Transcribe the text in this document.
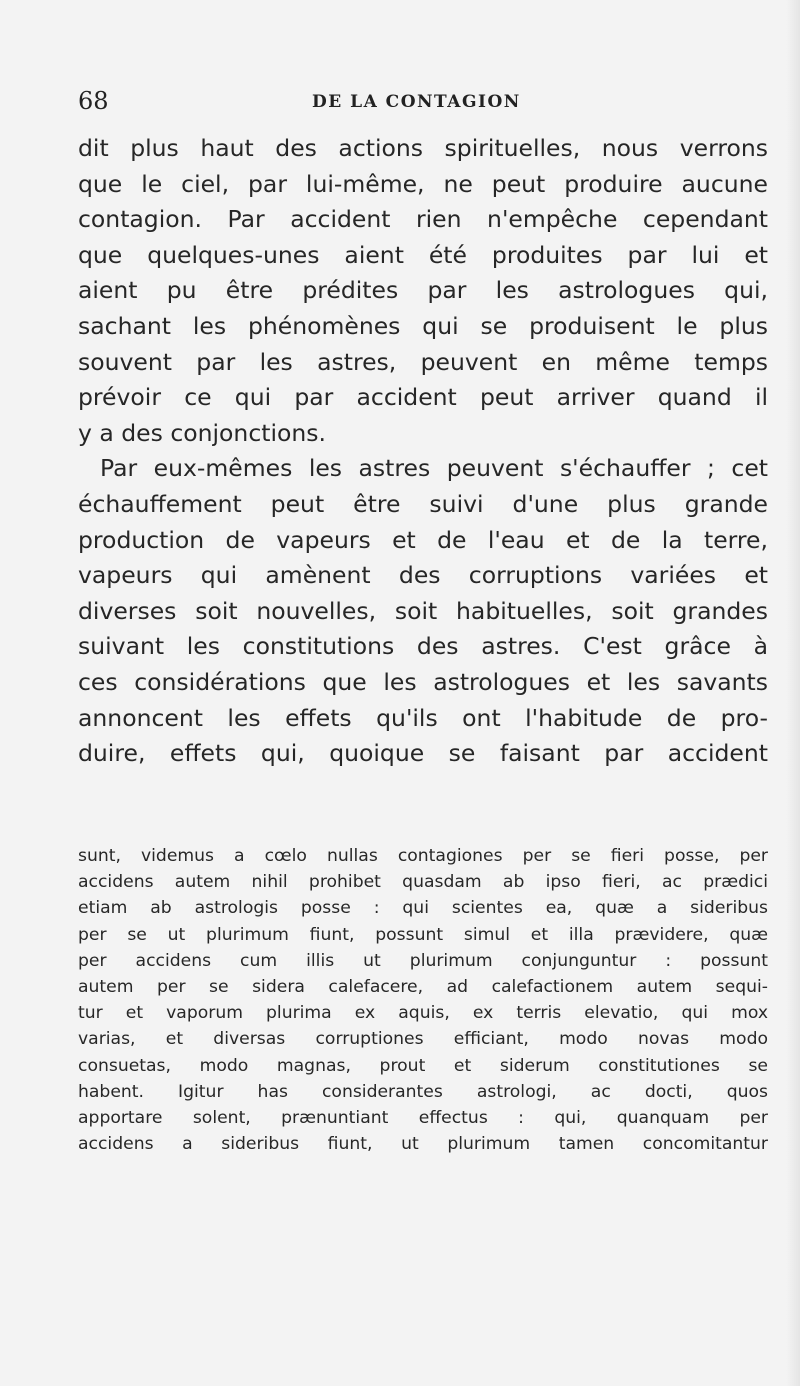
68	DE LA CONTAGION
dit plus haut des actions spirituelles, nous verrons
que le ciel, par lui-même, ne peut produire aucune
contagion. Par accident rien n'empêche cependant
que quelques-unes aient été produites par lui et
aient pu être prédites par les astrologues qui,
sachant les phénomènes qui se produisent le plus
souvent par les astres, peuvent en même temps
prévoir ce qui par accident peut arriver quand il
y a des conjonctions.
Par eux-mêmes les astres peuvent s'échauffer ; cet
échauffement peut être suivi d'une plus grande
production de vapeurs et de l'eau et de la terre,
vapeurs qui amènent des corruptions variées et
diverses soit nouvelles, soit habituelles, soit grandes
suivant les constitutions des astres. C'est grâce à
ces considérations que les astrologues et les savants
annoncent les effets qu'ils ont l'habitude de pro-
duire, effets qui, quoique se faisant par accident
sunt, videmus a cœlo nullas contagiones per se fieri posse, per
accidens autem nihil prohibet quasdam ab ipso fieri, ac prædici
etiam ab astrologis posse : qui scientes ea, quæ a sideribus
per se ut plurimum fiunt, possunt simul et illa prævidere, quæ
per accidens cum illis ut plurimum conjunguntur : possunt
autem per se sidera calefacere, ad calefactionem autem sequi-
tur et vaporum plurima ex aquis, ex terris elevatio, qui mox
varias, et diversas corruptiones efficiant, modo novas modo
consuetas, modo magnas, prout et siderum constitutiones se
habent. Igitur has considerantes astrologi, ac docti, quos
apportare solent, prænuntiant effectus : qui, quanquam per
accidens a sideribus fiunt, ut plurimum tamen concomitantur
